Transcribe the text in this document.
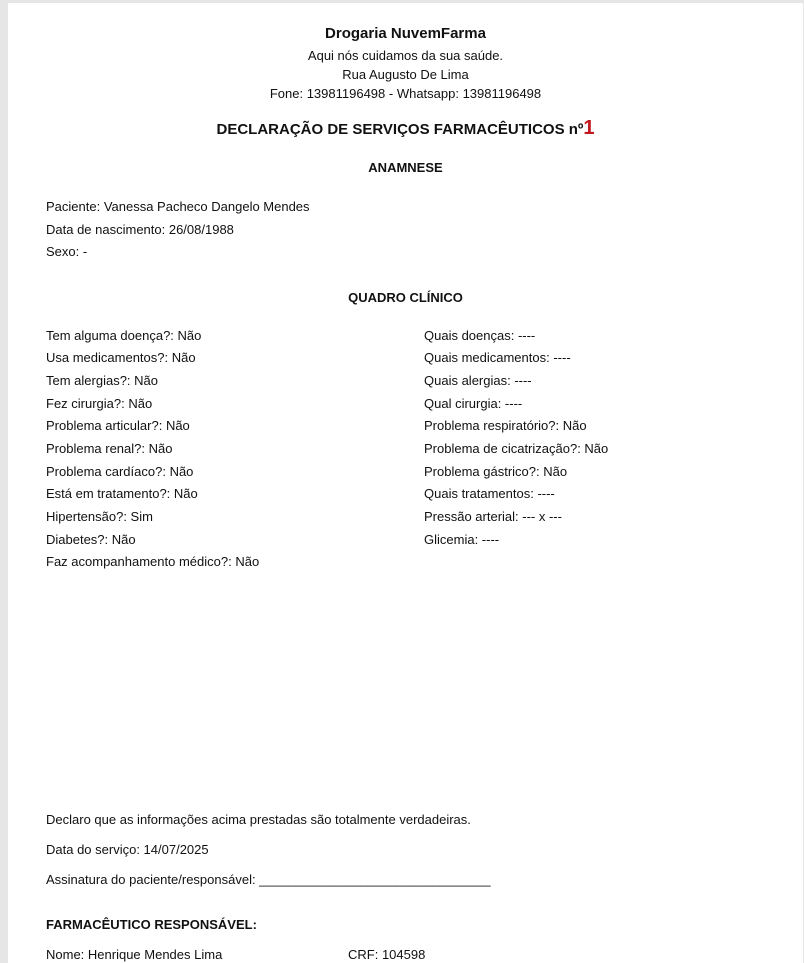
Drogaria NuvemFarma
Aqui nós cuidamos da sua saúde.
Rua Augusto De Lima
Fone: 13981196498 - Whatsapp: 13981196498
DECLARAÇÃO DE SERVIÇOS FARMACÊUTICOS nº1
ANAMNESE
Paciente: Vanessa Pacheco Dangelo Mendes
Data de nascimento: 26/08/1988
Sexo: -
QUADRO CLÍNICO
Tem alguma doença?: Não
Usa medicamentos?: Não
Tem alergias?: Não
Fez cirurgia?: Não
Problema articular?: Não
Problema renal?: Não
Problema cardíaco?: Não
Está em tratamento?: Não
Hipertensão?: Sim
Diabetes?: Não
Faz acompanhamento médico?: Não
Quais doenças: ----
Quais medicamentos: ----
Quais alergias: ----
Qual cirurgia: ----
Problema respiratório?: Não
Problema de cicatrização?: Não
Problema gástrico?: Não
Quais tratamentos: ----
Pressão arterial: --- x ---
Glicemia: ----
Declaro que as informações acima prestadas são totalmente verdadeiras.
Data do serviço: 14/07/2025
Assinatura do paciente/responsável: ________________________________
FARMACÊUTICO RESPONSÁVEL:
Nome: Henrique Mendes Lima	CRF: 104598
